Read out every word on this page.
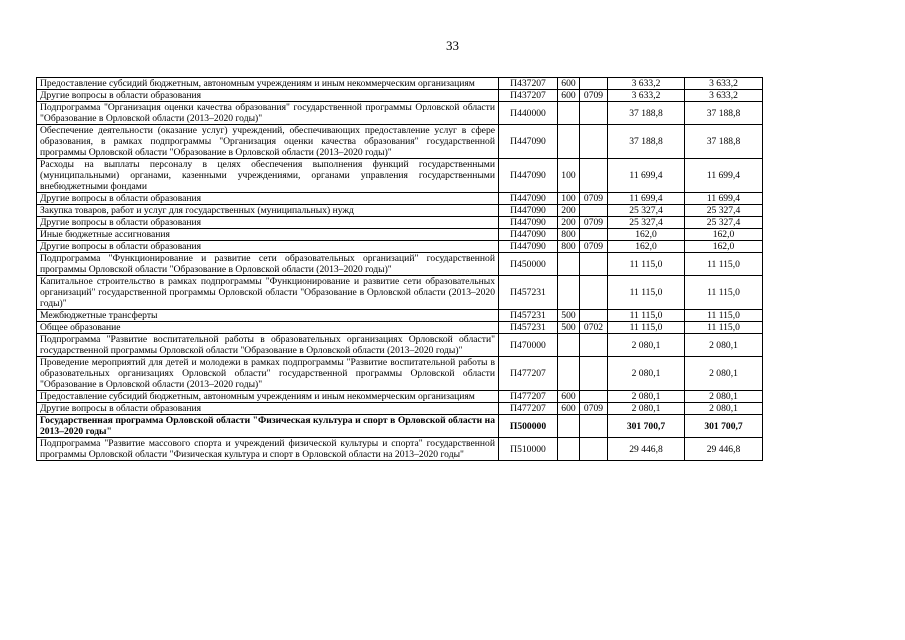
33
Предоставление субсидий бюджетным, автономным учреждениям и иным некоммерческим организациям	П437207	600		3 633,2	3 633,2
Другие вопросы в области образования	П437207	600	0709	3 633,2	3 633,2
Подпрограмма "Организация оценки качества образования" государственной программы Орловской области "Образование в Орловской области (2013–2020 годы)"	П440000			37 188,8	37 188,8
Обеспечение деятельности (оказание услуг) учреждений, обеспечивающих предоставление услуг в сфере образования, в рамках подпрограммы "Организация оценки качества образования" государственной программы Орловской области "Образование в Орловской области (2013–2020 годы)"	П447090			37 188,8	37 188,8
Расходы на выплаты персоналу в целях обеспечения выполнения функций государственными (муниципальными) органами, казенными учреждениями, органами управления государственными внебюджетными фондами	П447090	100		11 699,4	11 699,4
Другие вопросы в области образования	П447090	100	0709	11 699,4	11 699,4
Закупка товаров, работ и услуг для государственных (муниципальных) нужд	П447090	200		25 327,4	25 327,4
Другие вопросы в области образования	П447090	200	0709	25 327,4	25 327,4
Иные бюджетные ассигнования	П447090	800		162,0	162,0
Другие вопросы в области образования	П447090	800	0709	162,0	162,0
Подпрограмма "Функционирование и развитие сети образовательных организаций" государственной программы Орловской области "Образование в Орловской области (2013–2020 годы)"	П450000			11 115,0	11 115,0
Капитальное строительство в рамках подпрограммы "Функционирование и развитие сети образовательных организаций" государственной программы Орловской области "Образование в Орловской области (2013–2020 годы)"	П457231			11 115,0	11 115,0
Межбюджетные трансферты	П457231	500		11 115,0	11 115,0
Общее образование	П457231	500	0702	11 115,0	11 115,0
Подпрограмма "Развитие воспитательной работы в образовательных организациях Орловской области" государственной программы Орловской области "Образование в Орловской области (2013–2020 годы)"	П470000			2 080,1	2 080,1
Проведение мероприятий для детей и молодежи в рамках подпрограммы "Развитие воспитательной работы в образовательных организациях Орловской области" государственной программы Орловской области "Образование в Орловской области (2013–2020 годы)"	П477207			2 080,1	2 080,1
Предоставление субсидий бюджетным, автономным учреждениям и иным некоммерческим организациям	П477207	600		2 080,1	2 080,1
Другие вопросы в области образования	П477207	600	0709	2 080,1	2 080,1
Государственная программа Орловской области "Физическая культура и спорт в Орловской области на 2013–2020 годы"	П500000			301 700,7	301 700,7
Подпрограмма "Развитие массового спорта и учреждений физической культуры и спорта" государственной программы Орловской области "Физическая культура и спорт в Орловской области на 2013–2020 годы"	П510000			29 446,8	29 446,8
